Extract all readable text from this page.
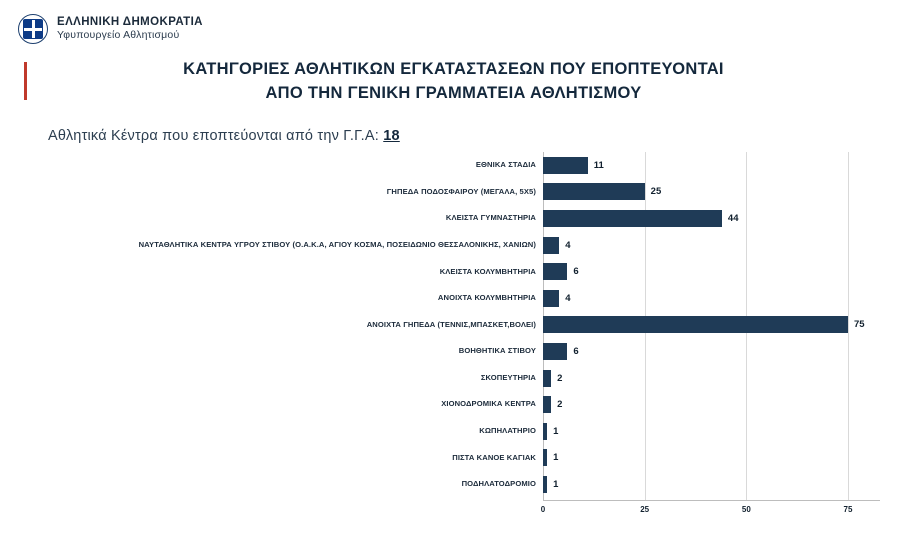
ΕΛΛΗΝΙΚΗ ΔΗΜΟΚΡΑΤΙΑ
Υφυπουργείο Αθλητισμού
ΚΑΤΗΓΟΡΙΕΣ ΑΘΛΗΤΙΚΩΝ ΕΓΚΑΤΑΣΤΑΣΕΩΝ ΠΟΥ ΕΠΟΠΤΕΥΟΝΤΑΙ
ΑΠΟ ΤΗΝ ΓΕΝΙΚΗ ΓΡΑΜΜΑΤΕΙΑ ΑΘΛΗΤΙΣΜΟΥ
Αθλητικά Κέντρα που εποπτεύονται από την Γ.Γ.Α: 18
ΕΘΝΙΚΑ ΣΤΑΔΙΑ	11
ΓΗΠΕΔΑ ΠΟΔΟΣΦΑΙΡΟΥ (ΜΕΓΑΛΑ, 5Χ5)	25
ΚΛΕΙΣΤΑ ΓΥΜΝΑΣΤΗΡΙΑ	44
ΝΑΥΤΑΘΛΗΤΙΚΑ ΚΕΝΤΡΑ ΥΓΡΟΥ ΣΤΙΒΟΥ (Ο.Α.Κ.Α, ΑΓΙΟΥ ΚΟΣΜΑ, ΠΟΣΕΙΔΩΝΙΟ ΘΕΣΣΑΛΟΝΙΚΗΣ, ΧΑΝΙΩΝ)	4
ΚΛΕΙΣΤΑ ΚΟΛΥΜΒΗΤΗΡΙΑ	6
ΑΝΟΙΧΤΑ ΚΟΛΥΜΒΗΤΗΡΙΑ	4
ΑΝΟΙΧΤΑ ΓΗΠΕΔΑ (ΤΕΝΝΙΣ,ΜΠΑΣΚΕΤ,ΒΟΛΕΙ)	75
ΒΟΗΘΗΤΙΚΑ ΣΤΙΒΟΥ	6
ΣΚΟΠΕΥΤΗΡΙΑ	2
ΧΙΟΝΟΔΡΟΜΙΚΑ ΚΕΝΤΡΑ	2
ΚΩΠΗΛΑΤΗΡΙΟ	1
ΠΙΣΤΑ ΚΑΝΟΕ ΚΑΓΙΑΚ	1
ΠΟΔΗΛΑΤΟΔΡΟΜΙΟ	1
0	25	50	75
